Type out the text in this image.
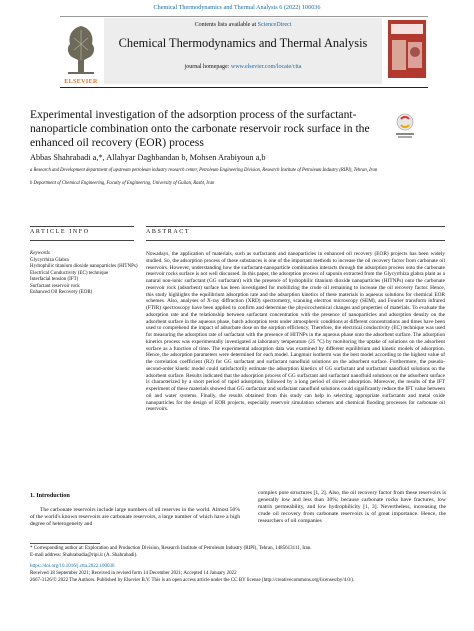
Chemical Thermodynamics and Thermal Analysis 6 (2022) 100036
ELSEVIER
Contents lists available at ScienceDirect
Chemical Thermodynamics and Thermal Analysis
journal homepage: www.elsevier.com/locate/ctta
Experimental investigation of the adsorption process of the surfactant-nanoparticle combination onto the carbonate reservoir rock surface in the enhanced oil recovery (EOR) process
Abbas Shahrabadi a,*, Allahyar Daghbandan b, Mohsen Arabiyoun a,b
a Research and Development department of upstream petroleum industry research center, Petroleum Engineering Division, Research Institute of Petroleum Industry (RIPI), Tehran, Iran
b Department of Chemical Engineering, Faculty of Engineering, University of Guilan, Rasht, Iran
ARTICLE INFO	ABSTRACT
Keywords
Glycyrrhiza Glabra
Hydrophilic titanium dioxide nanoparticles (HITNPs)
Electrical Conductivity (EC) technique
Interfacial tension (IFT)
Surfactant reservoir rock
Enhanced Oil Recovery (EOR)
Nowadays, the application of materials, such as surfactants and nanoparticles in enhanced oil recovery (EOR) projects has been widely studied. So, the adsorption process of these substances is one of the important methods to increase the oil recovery factor from carbonate oil reservoirs. However, understanding how the surfactant-nanoparticle combination interacts through the adsorption process onto the carbonate reservoir rocks surface is not well discussed. In this paper, the adsorption process of saponin extracted from the Glycyrrhiza glabra plant as a natural non-ionic surfactant (GG surfactant) with the presence of hydrophilic titanium dioxide nanoparticles (HITNPs) onto the carbonate reservoir rock (adsorbent) surface has been investigated for mobilizing the crude oil remaining to increase the oil recovery factor. Hence, this study highlights the equilibrium adsorption rate and the adsorption kinetics of these materials in aqueous solutions for chemical EOR schemes. Also, analyses of X-ray diffraction (XRD) spectrometry, scanning electron microscopy (SEM), and Fourier transform infrared (FTIR) spectroscopy have been applied to confirm and determine the physicochemical changes and properties of materials. To evaluate the adsorption rate and the relationship between surfactant concentration with the presence of nanoparticles and adsorption density on the adsorbent surface in the aqueous phase, batch adsorption tests under atmospheric conditions at different concentrations and times have been used to comprehend the impact of adsorbate dose on the sorption efficiency. Therefore, the electrical conductivity (EC) technique was used for measuring the adsorption rate of surfactant with the presence of HITNPs in the aqueous phase onto the adsorbent surface. The adsorption kinetics process was experimentally investigated at laboratory temperature (25 °C) by monitoring the uptake of solutions on the adsorbent surface as a function of time. The experimental adsorption data was examined by different equilibrium and kinetic models of adsorption. Hence, the adsorption parameters were determined for each model. Langmuir isotherm was the best model according to the highest value of the correlation coefficient (R2) for GG surfactant and surfactant nanofluid solutions on the adsorbent surface. Furthermore, the pseudo-second-order kinetic model could satisfactorily estimate the adsorption kinetics of GG surfactant and surfactant nanofluid solutions on the adsorbent surface. Results indicated that the adsorption process of GG surfactant and surfactant nanofluid solutions on the adsorbent surface is characterized by a short period of rapid adsorption, followed by a long period of slower adsorption. Moreover, the results of the IFT experiment of these materials showed that GG surfactant and surfactant nanofluid solutions could significantly reduce the IFT value between oil and water systems. Finally, the results obtained from this study can help in selecting appropriate surfactants and metal oxide nanoparticles for the design of EOR projects, especially reservoir simulation schemes and chemical flooding processes for carbonate oil reservoirs.
complex pore structures [1, 2]. Also, the oil recovery factor from these reservoirs is generally low and less than 30%; because carbonate rocks have fractures, low matrix permeability, and low hydrophilicity [1, 3]. Nevertheless, increasing the crude oil recovery from carbonate reservoirs is of great importance. Hence, the researchers of oil companies
1. Introduction
The carbonate reservoirs include large numbers of oil reserves in the world. Almost 50% of the world's known reservoirs are carbonate reservoirs, a large number of which have a high degree of heterogeneity and
* Corresponding author at: Exploration and Production Division, Research Institute of Petroleum Industry (RIPI), Tehran, 1485613111, Iran.
E-mail address: Shahrabadia@ripi.ir (A. Shahrabadi).
https://doi.org/10.1016/j.ctta.2022.100036
Received 18 September 2021; Received in revised form 14 December 2021; Accepted 14 January 2022
2667-3126/© 2022 The Authors. Published by Elsevier B.V. This is an open access article under the CC BY license (http://creativecommons.org/licenses/by/4.0/).
